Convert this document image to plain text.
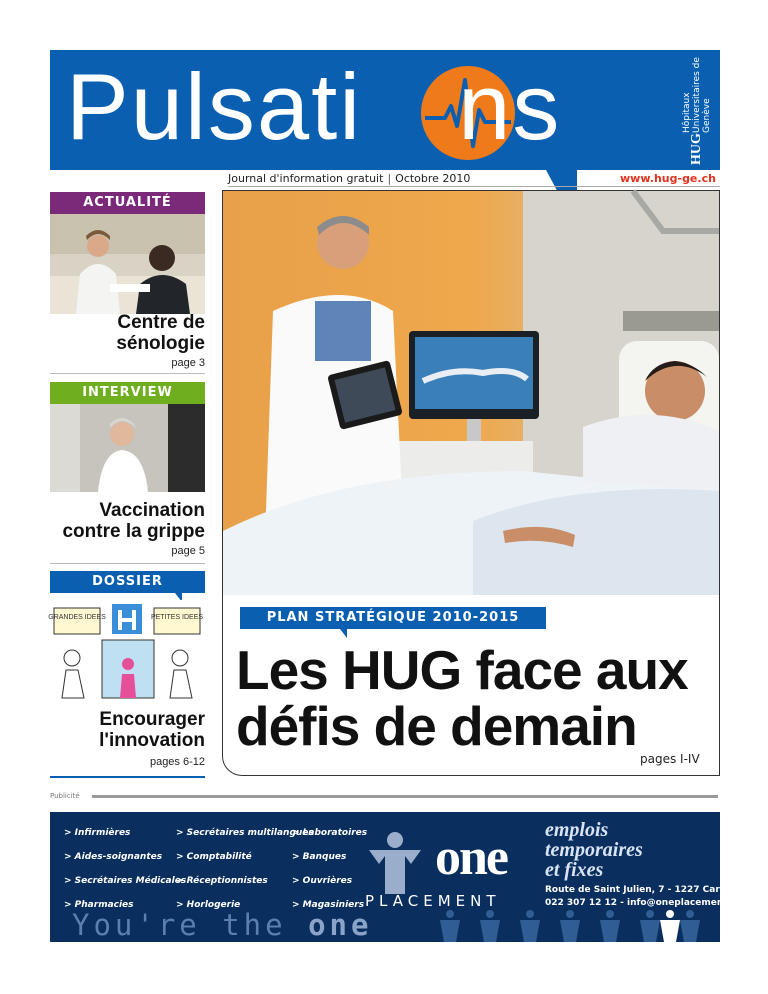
Pulsati ns	HUG
Hôpitaux Universitaires de Genève
Journal d'information gratuit | Octobre 2010	www.hug-ge.ch
ACTUALITÉ
Centre de sénologie
page 3
INTERVIEW
Vaccination contre la grippe
page 5
DOSSIER
GRANDES IDEES	PETITES IDEES
Encourager l'innovation
pages 6-12
PLAN STRATÉGIQUE 2010-2015
Les HUG face aux défis de demain
pages I-IV
Publicité
> Infirmières
> Aides-soignantes
> Secrétaires Médicales
> Pharmacies
> Secrétaires multilangues
> Comptabilité
> Réceptionnistes
> Horlogerie
> Laboratoires
> Banques
> Ouvrières
> Magasiniers
one
PLACEMENT
emplois
temporaires
et fixes
Route de Saint Julien, 7 - 1227 Carouge
022 307 12 12 - info@oneplacement.com
You're the one
